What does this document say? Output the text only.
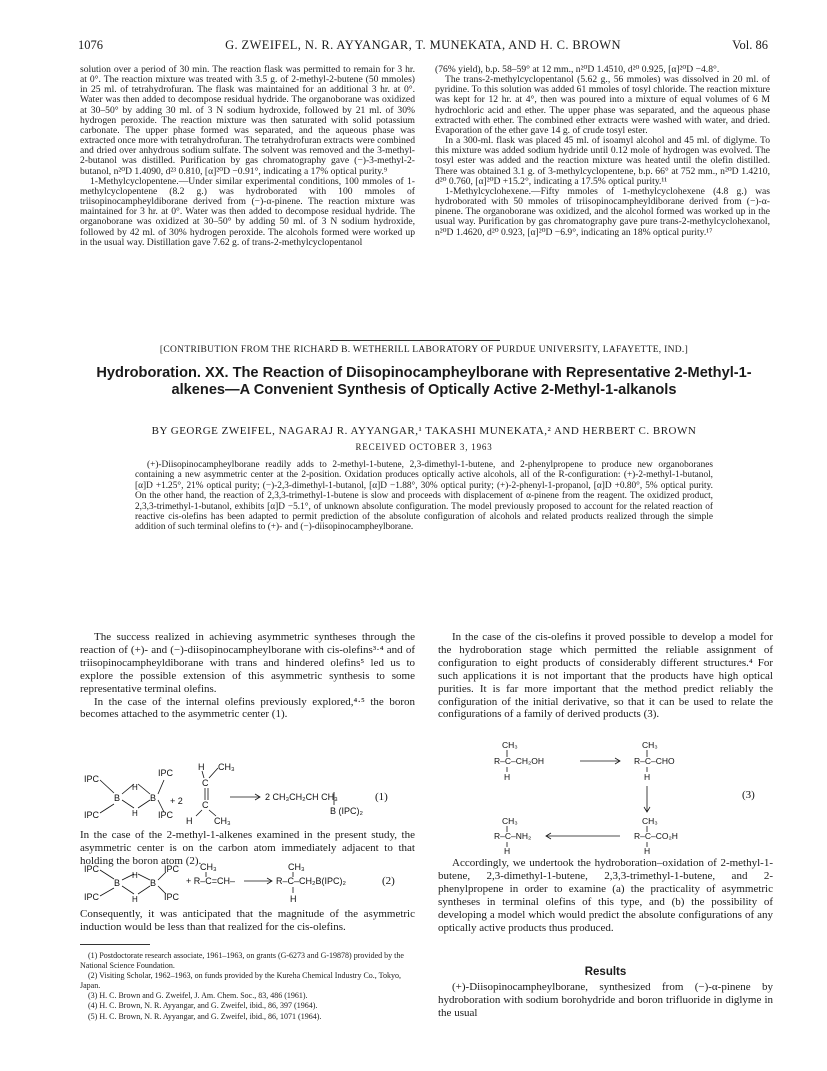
1076	G. ZWEIFEL, N. R. AYYANGAR, T. MUNEKATA, AND H. C. BROWN	Vol. 86

solution over a period of 30 min. The reaction flask was permitted to remain for 3 hr. at 0°. The reaction mixture was treated with 3.5 g. of 2-methyl-2-butene (50 mmoles) in 25 ml. of tetrahydrofuran. The flask was maintained for an additional 3 hr. at 0°. Water was then added to decompose residual hydride. The organoborane was oxidized at 30–50° by adding 30 ml. of 3 N sodium hydroxide, followed by 21 ml. of 30% hydrogen peroxide. The reaction mixture was then saturated with solid potassium carbonate. The upper phase formed was separated, and the aqueous phase was extracted once more with tetrahydrofuran. The tetrahydrofuran extracts were combined and dried over anhydrous sodium sulfate. The solvent was removed and the 3-methyl-2-butanol was distilled. Purification by gas chromatography gave (−)-3-methyl-2-butanol, n²⁰D 1.4090, d²³ 0.810, [α]²⁰D −0.91°, indicating a 17% optical purity.⁹

1-Methylcyclopentene.—Under similar experimental conditions, 100 mmoles of 1-methylcyclopentene (8.2 g.) was hydroborated with 100 mmoles of triisopinocampheyldiborane derived from (−)-α-pinene. The reaction mixture was maintained for 3 hr. at 0°. Water was then added to decompose residual hydride. The organoborane was oxidized at 30–50° by adding 50 ml. of 3 N sodium hydroxide, followed by 42 ml. of 30% hydrogen peroxide. The alcohols formed were worked up in the usual way. Distillation gave 7.62 g. of trans-2-methylcyclopentanol

(76% yield), b.p. 58–59° at 12 mm., n²⁰D 1.4510, d²⁰ 0.925, [α]²⁰D −4.8°.

The trans-2-methylcyclopentanol (5.62 g., 56 mmoles) was dissolved in 20 ml. of pyridine. To this solution was added 61 mmoles of tosyl chloride. The reaction mixture was kept for 12 hr. at 4°, then was poured into a mixture of equal volumes of 6 M hydrochloric acid and ether. The upper phase was separated, and the aqueous phase extracted with ether. The combined ether extracts were washed with water, and dried. Evaporation of the ether gave 14 g. of crude tosyl ester.

In a 300-ml. flask was placed 45 ml. of isoamyl alcohol and 45 ml. of diglyme. To this mixture was added sodium hydride until 0.12 mole of hydrogen was evolved. The tosyl ester was added and the reaction mixture was heated until the olefin distilled. There was obtained 3.1 g. of 3-methylcyclopentene, b.p. 66° at 752 mm., n²⁰D 1.4210, d²⁰ 0.760, [α]²⁰D +15.2°, indicating a 17.5% optical purity.¹¹

1-Methylcyclohexene.—Fifty mmoles of 1-methylcyclohexene (4.8 g.) was hydroborated with 50 mmoles of triisopinocampheyldiborane derived from (−)-α-pinene. The organoborane was oxidized, and the alcohol formed was worked up in the usual way. Purification by gas chromatography gave pure trans-2-methylcyclohexanol, n²⁰D 1.4620, d²⁰ 0.923, [α]²⁰D −6.9°, indicating an 18% optical purity.¹⁷

[CONTRIBUTION FROM THE RICHARD B. WETHERILL LABORATORY OF PURDUE UNIVERSITY, LAFAYETTE, IND.]
Hydroboration. XX. The Reaction of Diisopinocampheylborane with Representative 2-Methyl-1-alkenes—A Convenient Synthesis of Optically Active 2-Methyl-1-alkanols
BY GEORGE ZWEIFEL, NAGARAJ R. AYYANGAR,¹ TAKASHI MUNEKATA,² AND HERBERT C. BROWN
RECEIVED OCTOBER 3, 1963

(+)-Diisopinocampheylborane readily adds to 2-methyl-1-butene, 2,3-dimethyl-1-butene, and 2-phenylpropene to produce new organoboranes containing a new asymmetric center at the 2-position. Oxidation produces optically active alcohols, all of the R-configuration: (+)-2-methyl-1-butanol, [α]D +1.25°, 21% optical purity; (−)-2,3-dimethyl-1-butanol, [α]D −1.88°, 30% optical purity; (+)-2-phenyl-1-propanol, [α]D +0.80°, 5% optical purity. On the other hand, the reaction of 2,3,3-trimethyl-1-butene is slow and proceeds with displacement of α-pinene from the reagent. The oxidized product, 2,3,3-trimethyl-1-butanol, exhibits [α]D −5.1°, of unknown absolute configuration. The model previously proposed to account for the related reaction of reactive cis-olefins has been adapted to permit prediction of the absolute configuration of alcohols and related products realized through the simple addition of such terminal olefins to (+)- and (−)-diisopinocampheylborane.

The success realized in achieving asymmetric syntheses through the reaction of (+)- and (−)-diisopinocampheylborane with cis-olefins³·⁴ and of triisopinocampheyldiborane with trans and hindered olefins⁵ led us to explore the possible extension of this asymmetric synthesis to some representative terminal olefins.

In the case of the internal olefins previously explored,⁴·⁵ the boron becomes attached to the asymmetric center (1).

IPC
IPC
B
H
H
B
IPC
IPC
+ 2
H CH₃
C
C
H CH₃
2 CH₃CH₂CH CH₃
B (IPC)₂
(1)

In the case of the 2-methyl-1-alkenes examined in the present study, the asymmetric center is on the carbon atom immediately adjacent to that holding the boron atom (2).

IPC
IPC
B
H
H
B
IPC
IPC
CH₃
+ R–C=CH–
CH₃
R–C–CH₂B(IPC)₂
H
(2)

Consequently, it was anticipated that the magnitude of the asymmetric induction would be less than that realized for the cis-olefins.

(1) Postdoctorate research associate, 1961–1963, on grants (G-6273 and G-19878) provided by the National Science Foundation.

(2) Visiting Scholar, 1962–1963, on funds provided by the Kureha Chemical Industry Co., Tokyo, Japan.

(3) H. C. Brown and G. Zweifel, J. Am. Chem. Soc., 83, 486 (1961).

(4) H. C. Brown, N. R. Ayyangar, and G. Zweifel, ibid., 86, 397 (1964).

(5) H. C. Brown, N. R. Ayyangar, and G. Zweifel, ibid., 86, 1071 (1964).

In the case of the cis-olefins it proved possible to develop a model for the hydroboration stage which permitted the reliable assignment of configuration to eight products of considerably different structures.⁴ For such applications it is not important that the products have high optical purities. It is far more important that the method predict reliably the configuration of the initial derivative, so that it can be used to relate the configurations of a family of derived products (3).

CH₃
R–C–CH₂OH
H
CH₃
R–C–CHO
H
CH₃
R–C–NH₂
H
CH₃
R–C–CO₂H
H
(3)

Accordingly, we undertook the hydroboration–oxidation of 2-methyl-1-butene, 2,3-dimethyl-1-butene, 2,3,3-trimethyl-1-butene, and 2-phenylpropene in order to examine (a) the practicality of asymmetric syntheses in terminal olefins of this type, and (b) the possibility of developing a model which would predict the absolute configurations of any optically active products thus produced.

Results

(+)-Diisopinocampheylborane, synthesized from (−)-α-pinene by hydroboration with sodium borohydride and boron trifluoride in diglyme in the usual
